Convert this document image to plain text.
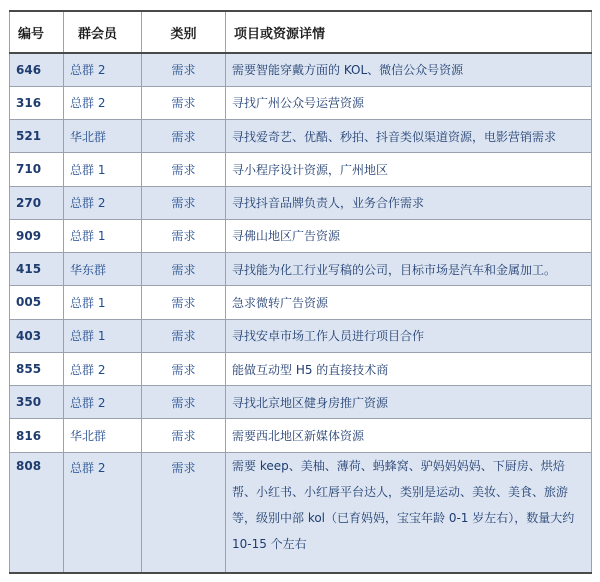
编号	群会员	类别	项目或资源详情
646	总群 2	需求	需要智能穿戴方面的 KOL、微信公众号资源
316	总群 2	需求	寻找广州公众号运营资源
521	华北群	需求	寻找爱奇艺、优酷、秒拍、抖音类似渠道资源，电影营销需求
710	总群 1	需求	寻小程序设计资源，广州地区
270	总群 2	需求	寻找抖音品牌负责人，业务合作需求
909	总群 1	需求	寻佛山地区广告资源
415	华东群	需求	寻找能为化工行业写稿的公司，目标市场是汽车和金属加工。
005	总群 1	需求	急求微转广告资源
403	总群 1	需求	寻找安卓市场工作人员进行项目合作
855	总群 2	需求	能做互动型 H5 的直接技术商
350	总群 2	需求	寻找北京地区健身房推广资源
816	华北群	需求	需要西北地区新媒体资源
808	总群 2	需求	需要 keep、美柚、薄荷、蚂蜂窝、驴妈妈妈妈、下厨房、烘焙帮、小红书、小红唇平台达人，类别是运动、美妆、美食、旅游等，级别中部 kol（已育妈妈，宝宝年龄 0-1 岁左右），数量大约 10-15 个左右
